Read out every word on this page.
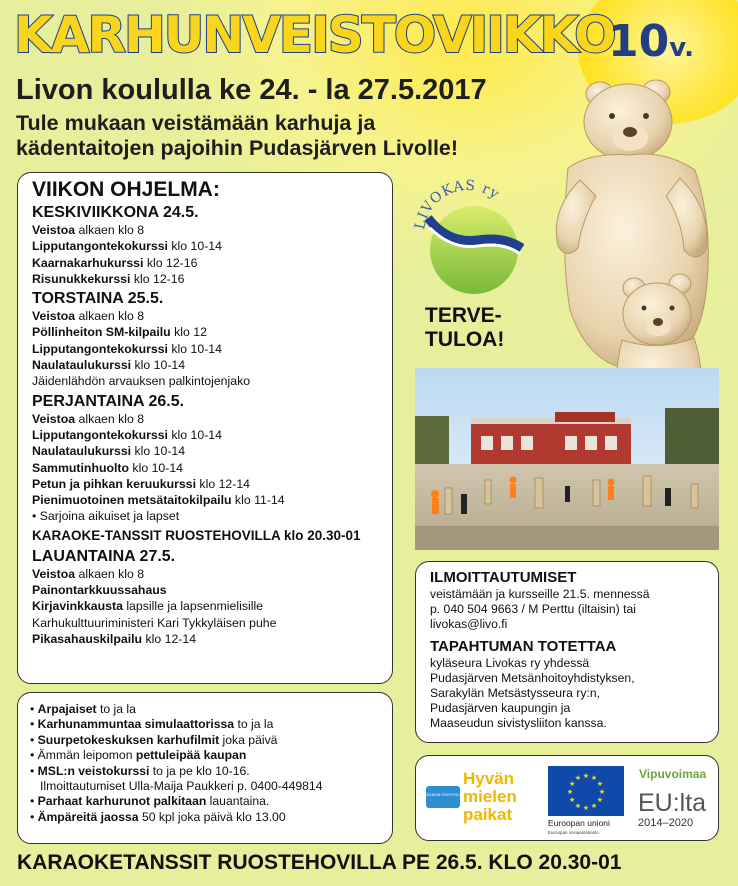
KARHUNVEISTOVIIKKO
10v.
Livon koululla ke 24. - la 27.5.2017
Tule mukaan veistämään karhuja ja
kädentaitojen pajoihin Pudasjärven Livolle!
LIVOKAS ry
TERVE-
TULOA!
VIIKON OHJELMA:
KESKIVIIKKONA 24.5.
Veistoa alkaen klo 8
Lipputangontekokurssi klo 10-14
Kaarnakarhukurssi klo 12-16
Risunukkekurssi klo 12-16
TORSTAINA 25.5.
Veistoa alkaen klo 8
Pöllinheiton SM-kilpailu klo 12
Lipputangontekokurssi klo 10-14
Naulataulukurssi klo 10-14
Jäidenlähdön arvauksen palkintojenjako
PERJANTAINA 26.5.
Veistoa alkaen klo 8
Lipputangontekokurssi klo 10-14
Naulataulukurssi klo 10-14
Sammutinhuolto klo 10-14
Petun ja pihkan keruukurssi klo 12-14
Pienimuotoinen metsätaitokilpailu klo 11-14
• Sarjoina aikuiset ja lapset
KARAOKE-TANSSIT RUOSTEHOVILLA klo 20.30-01
LAUANTAINA 27.5.
Veistoa alkaen klo 8
Painontarkkuussahaus
Kirjavinkkausta lapsille ja lapsenmielisille
Karhukulttuuriministeri Kari Tykkyläisen puhe
Pikasahauskilpailu klo 12-14
• Arpajaiset to ja la
• Karhunammuntaa simulaattorissa to ja la
• Suurpetokeskuksen karhufilmit joka päivä
• Ämmän leipomon pettuleipää kaupan
• MSL:n veistokurssi to ja pe klo 10-16.
Ilmoittautumiset Ulla-Maija Paukkeri p. 0400-449814
• Parhaat karhurunot palkitaan lauantaina.
• Ämpäreitä jaossa 50 kpl joka päivä klo 13.00
ILMOITTAUTUMISET

veistämään ja kursseille 21.5. mennessä

p. 040 504 9663 / M Perttu (iltaisin) tai

livokas@livo.fi

TAPAHTUMAN TOTETTAA

kyläseura Livokas ry yhdessä

Pudasjärven Metsänhoitoyhdistyksen,

Sarakylän Metsästysseura ry:n,

Pudasjärven kaupungin ja

Maaseudun sivistysliiton kanssa.

MAASEUDUN SIVISTYSLIITTO
Hyvän
mielen
paikat
★
★
★
★
★
★
★
★
★ ★ ★
★
Euroopan unioni
Euroopan sosiaalirahasto
Vipuvoimaa
EU:lta
2014–2020
KARAOKETANSSIT RUOSTEHOVILLA PE 26.5. KLO 20.30-01
